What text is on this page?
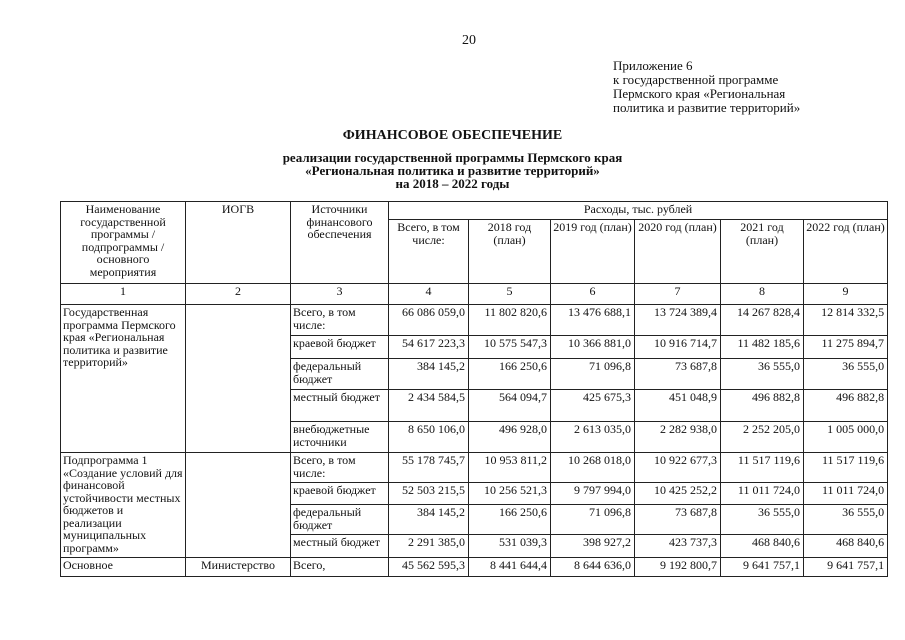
20
Приложение 6
к государственной программе
Пермского края «Региональная
политика и развитие территорий»
ФИНАНСОВОЕ ОБЕСПЕЧЕНИЕ
реализации государственной программы Пермского края
«Региональная политика и развитие территорий»
на 2018 – 2022 годы
Наименование государственной программы / подпрограммы / основного мероприятия	ИОГВ	Источники финансового обеспечения	Расходы, тыс. рублей					
			Всего, в том числе:	2018 год (план)	2019 год (план)	2020 год (план)	2021 год (план)	2022 год (план)
1	2	3	4	5	6	7	8	9
Государственная программа Пермского края «Региональная политика и развитие территорий»		Всего, в том числе:	66 086 059,0	11 802 820,6	13 476 688,1	13 724 389,4	14 267 828,4	12 814 332,5
		краевой бюджет	54 617 223,3	10 575 547,3	10 366 881,0	10 916 714,7	11 482 185,6	11 275 894,7
		федеральный бюджет	384 145,2	166 250,6	71 096,8	73 687,8	36 555,0	36 555,0
		местный бюджет	2 434 584,5	564 094,7	425 675,3	451 048,9	496 882,8	496 882,8
		внебюджетные источники	8 650 106,0	496 928,0	2 613 035,0	2 282 938,0	2 252 205,0	1 005 000,0
Подпрограмма 1 «Создание условий для финансовой устойчивости местных бюджетов и реализации муниципальных программ»		Всего, в том числе:	55 178 745,7	10 953 811,2	10 268 018,0	10 922 677,3	11 517 119,6	11 517 119,6
		краевой бюджет	52 503 215,5	10 256 521,3	9 797 994,0	10 425 252,2	11 011 724,0	11 011 724,0
		федеральный бюджет	384 145,2	166 250,6	71 096,8	73 687,8	36 555,0	36 555,0
		местный бюджет	2 291 385,0	531 039,3	398 927,2	423 737,3	468 840,6	468 840,6
Основное	Министерство	Всего,	45 562 595,3	8 441 644,4	8 644 636,0	9 192 800,7	9 641 757,1	9 641 757,1
